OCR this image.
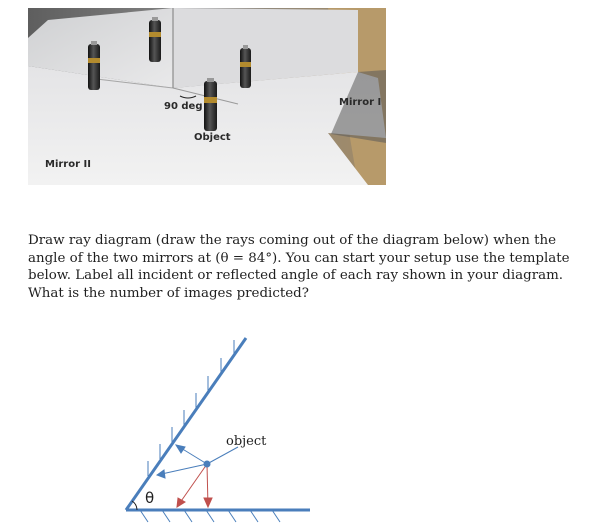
90 deg
Object
Mirror I
Mirror II

Draw ray diagram (draw the rays coming out of the diagram below) when the
angle of the two mirrors at (θ = 84°). You can start your setup use the template
below. Label all incident or reflected angle of each ray shown in your diagram.
What is the number of images predicted?

object
θ
